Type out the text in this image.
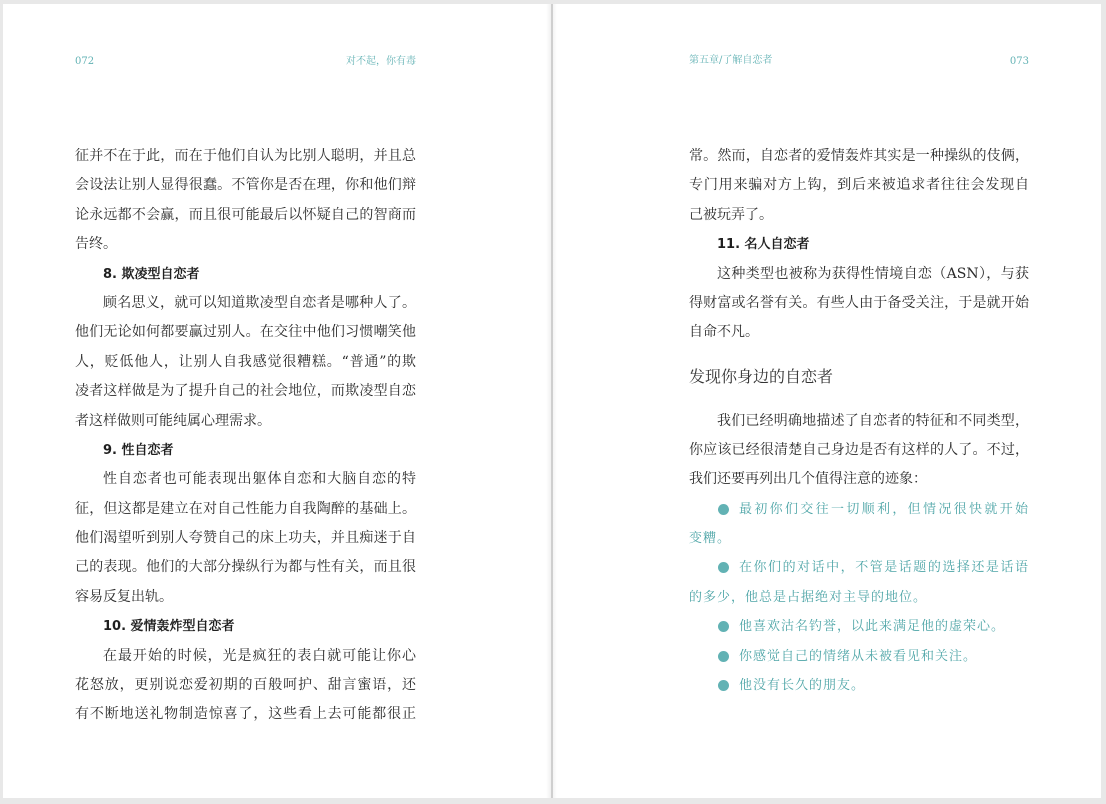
072	对不起，你有毒
征并不在于此，而在于他们自认为比别人聪明，并且总
会设法让别人显得很蠢。不管你是否在理，你和他们辩
论永远都不会赢，而且很可能最后以怀疑自己的智商而
告终。
8. 欺凌型自恋者
顾名思义，就可以知道欺凌型自恋者是哪种人了。
他们无论如何都要赢过别人。在交往中他们习惯嘲笑他
人，贬低他人，让别人自我感觉很糟糕。“普通”的欺
凌者这样做是为了提升自己的社会地位，而欺凌型自恋
者这样做则可能纯属心理需求。
9. 性自恋者
性自恋者也可能表现出躯体自恋和大脑自恋的特
征，但这都是建立在对自己性能力自我陶醉的基础上。
他们渴望听到别人夸赞自己的床上功夫，并且痴迷于自
己的表现。他们的大部分操纵行为都与性有关，而且很
容易反复出轨。
10. 爱情轰炸型自恋者
在最开始的时候，光是疯狂的表白就可能让你心
花怒放，更别说恋爱初期的百般呵护、甜言蜜语，还
有不断地送礼物制造惊喜了，这些看上去可能都很正
第五章/了解自恋者	073
常。然而，自恋者的爱情轰炸其实是一种操纵的伎俩，
专门用来骗对方上钩，到后来被追求者往往会发现自
己被玩弄了。
11. 名人自恋者
这种类型也被称为获得性情境自恋（ASN），与获
得财富或名誉有关。有些人由于备受关注，于是就开始
自命不凡。
发现你身边的自恋者
我们已经明确地描述了自恋者的特征和不同类型，
你应该已经很清楚自己身边是否有这样的人了。不过，
我们还要再列出几个值得注意的迹象：
最初你们交往一切顺利，但情况很快就开始
变糟。
在你们的对话中，不管是话题的选择还是话语
的多少，他总是占据绝对主导的地位。
他喜欢沽名钓誉，以此来满足他的虚荣心。
你感觉自己的情绪从未被看见和关注。
他没有长久的朋友。
